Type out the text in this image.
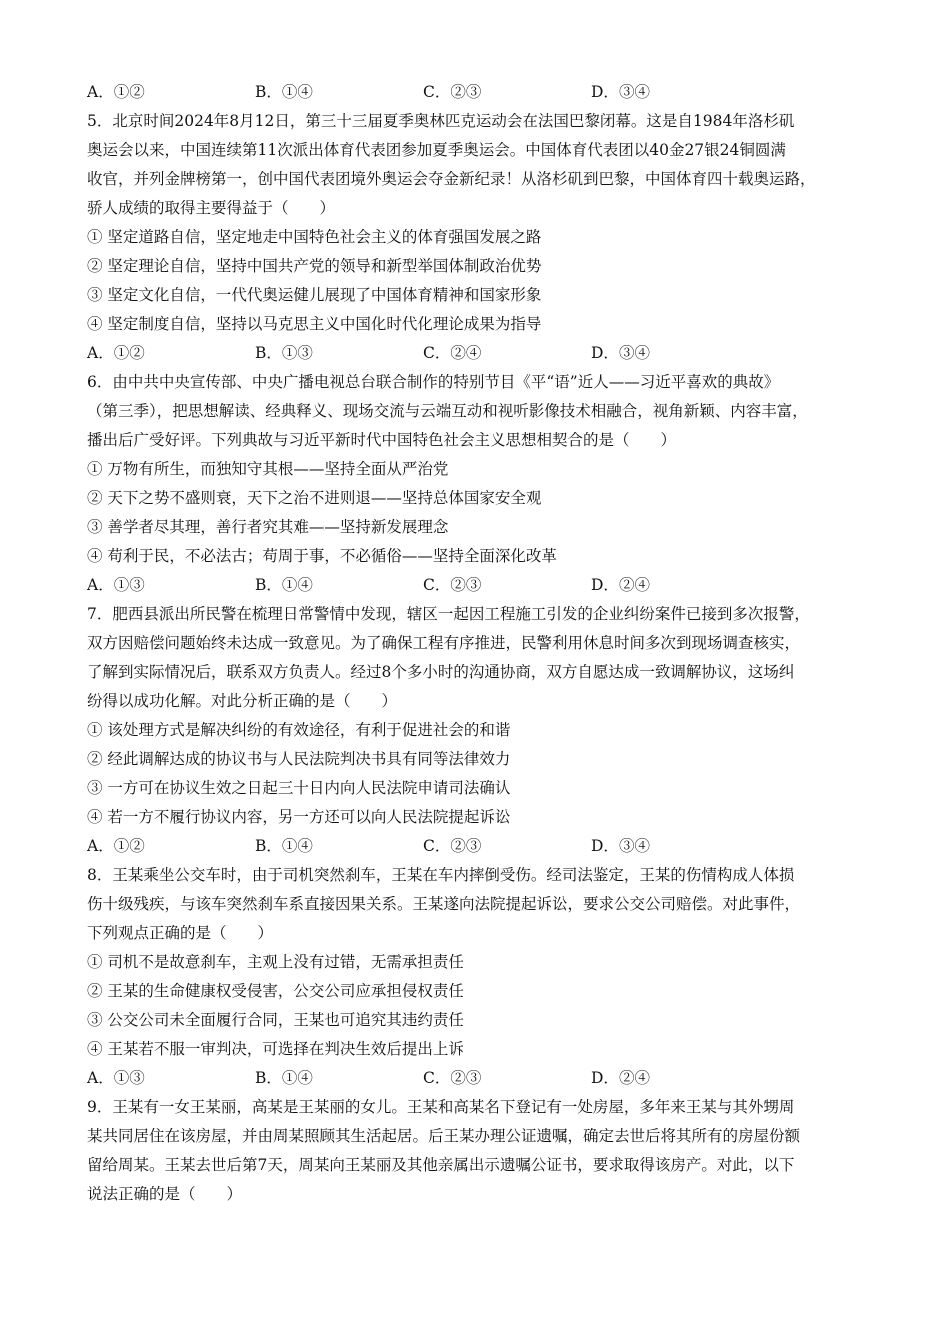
A．①②	B．①④	C．②③	D．③④
5．北京时间2024年8月12日，第三十三届夏季奥林匹克运动会在法国巴黎闭幕。这是自1984年洛杉矶
奥运会以来，中国连续第11次派出体育代表团参加夏季奥运会。中国体育代表团以40金27银24铜圆满
收官，并列金牌榜第一，创中国代表团境外奥运会夺金新纪录！从洛杉矶到巴黎，中国体育四十载奥运路，
骄人成绩的取得主要得益于（　　）
① 坚定道路自信，坚定地走中国特色社会主义的体育强国发展之路
② 坚定理论自信，坚持中国共产党的领导和新型举国体制政治优势
③ 坚定文化自信，一代代奥运健儿展现了中国体育精神和国家形象
④ 坚定制度自信，坚持以马克思主义中国化时代化理论成果为指导
A．①②	B．①③	C．②④	D．③④
6．由中共中央宣传部、中央广播电视总台联合制作的特别节目《平“语”近人——习近平喜欢的典故》
（第三季），把思想解读、经典释义、现场交流与云端互动和视听影像技术相融合，视角新颖、内容丰富，
播出后广受好评。下列典故与习近平新时代中国特色社会主义思想相契合的是（　　）
① 万物有所生，而独知守其根——坚持全面从严治党
② 天下之势不盛则衰，天下之治不进则退——坚持总体国家安全观
③ 善学者尽其理，善行者究其难——坚持新发展理念
④ 苟利于民，不必法古；苟周于事，不必循俗——坚持全面深化改革
A．①③	B．①④	C．②③	D．②④
7．肥西县派出所民警在梳理日常警情中发现，辖区一起因工程施工引发的企业纠纷案件已接到多次报警，
双方因赔偿问题始终未达成一致意见。为了确保工程有序推进，民警利用休息时间多次到现场调查核实，
了解到实际情况后，联系双方负责人。经过8个多小时的沟通协商，双方自愿达成一致调解协议，这场纠
纷得以成功化解。对此分析正确的是（　　）
① 该处理方式是解决纠纷的有效途径，有利于促进社会的和谐
② 经此调解达成的协议书与人民法院判决书具有同等法律效力
③ 一方可在协议生效之日起三十日内向人民法院申请司法确认
④ 若一方不履行协议内容，另一方还可以向人民法院提起诉讼
A．①②	B．①④	C．②③	D．③④
8．王某乘坐公交车时，由于司机突然刹车，王某在车内摔倒受伤。经司法鉴定，王某的伤情构成人体损
伤十级残疾，与该车突然刹车系直接因果关系。王某遂向法院提起诉讼，要求公交公司赔偿。对此事件，
下列观点正确的是（　　）
① 司机不是故意刹车，主观上没有过错，无需承担责任
② 王某的生命健康权受侵害，公交公司应承担侵权责任
③ 公交公司未全面履行合同，王某也可追究其违约责任
④ 王某若不服一审判决，可选择在判决生效后提出上诉
A．①③	B．①④	C．②③	D．②④
9．王某有一女王某丽，高某是王某丽的女儿。王某和高某名下登记有一处房屋，多年来王某与其外甥周
某共同居住在该房屋，并由周某照顾其生活起居。后王某办理公证遗嘱，确定去世后将其所有的房屋份额
留给周某。王某去世后第7天，周某向王某丽及其他亲属出示遗嘱公证书，要求取得该房产。对此，以下
说法正确的是（　　）
